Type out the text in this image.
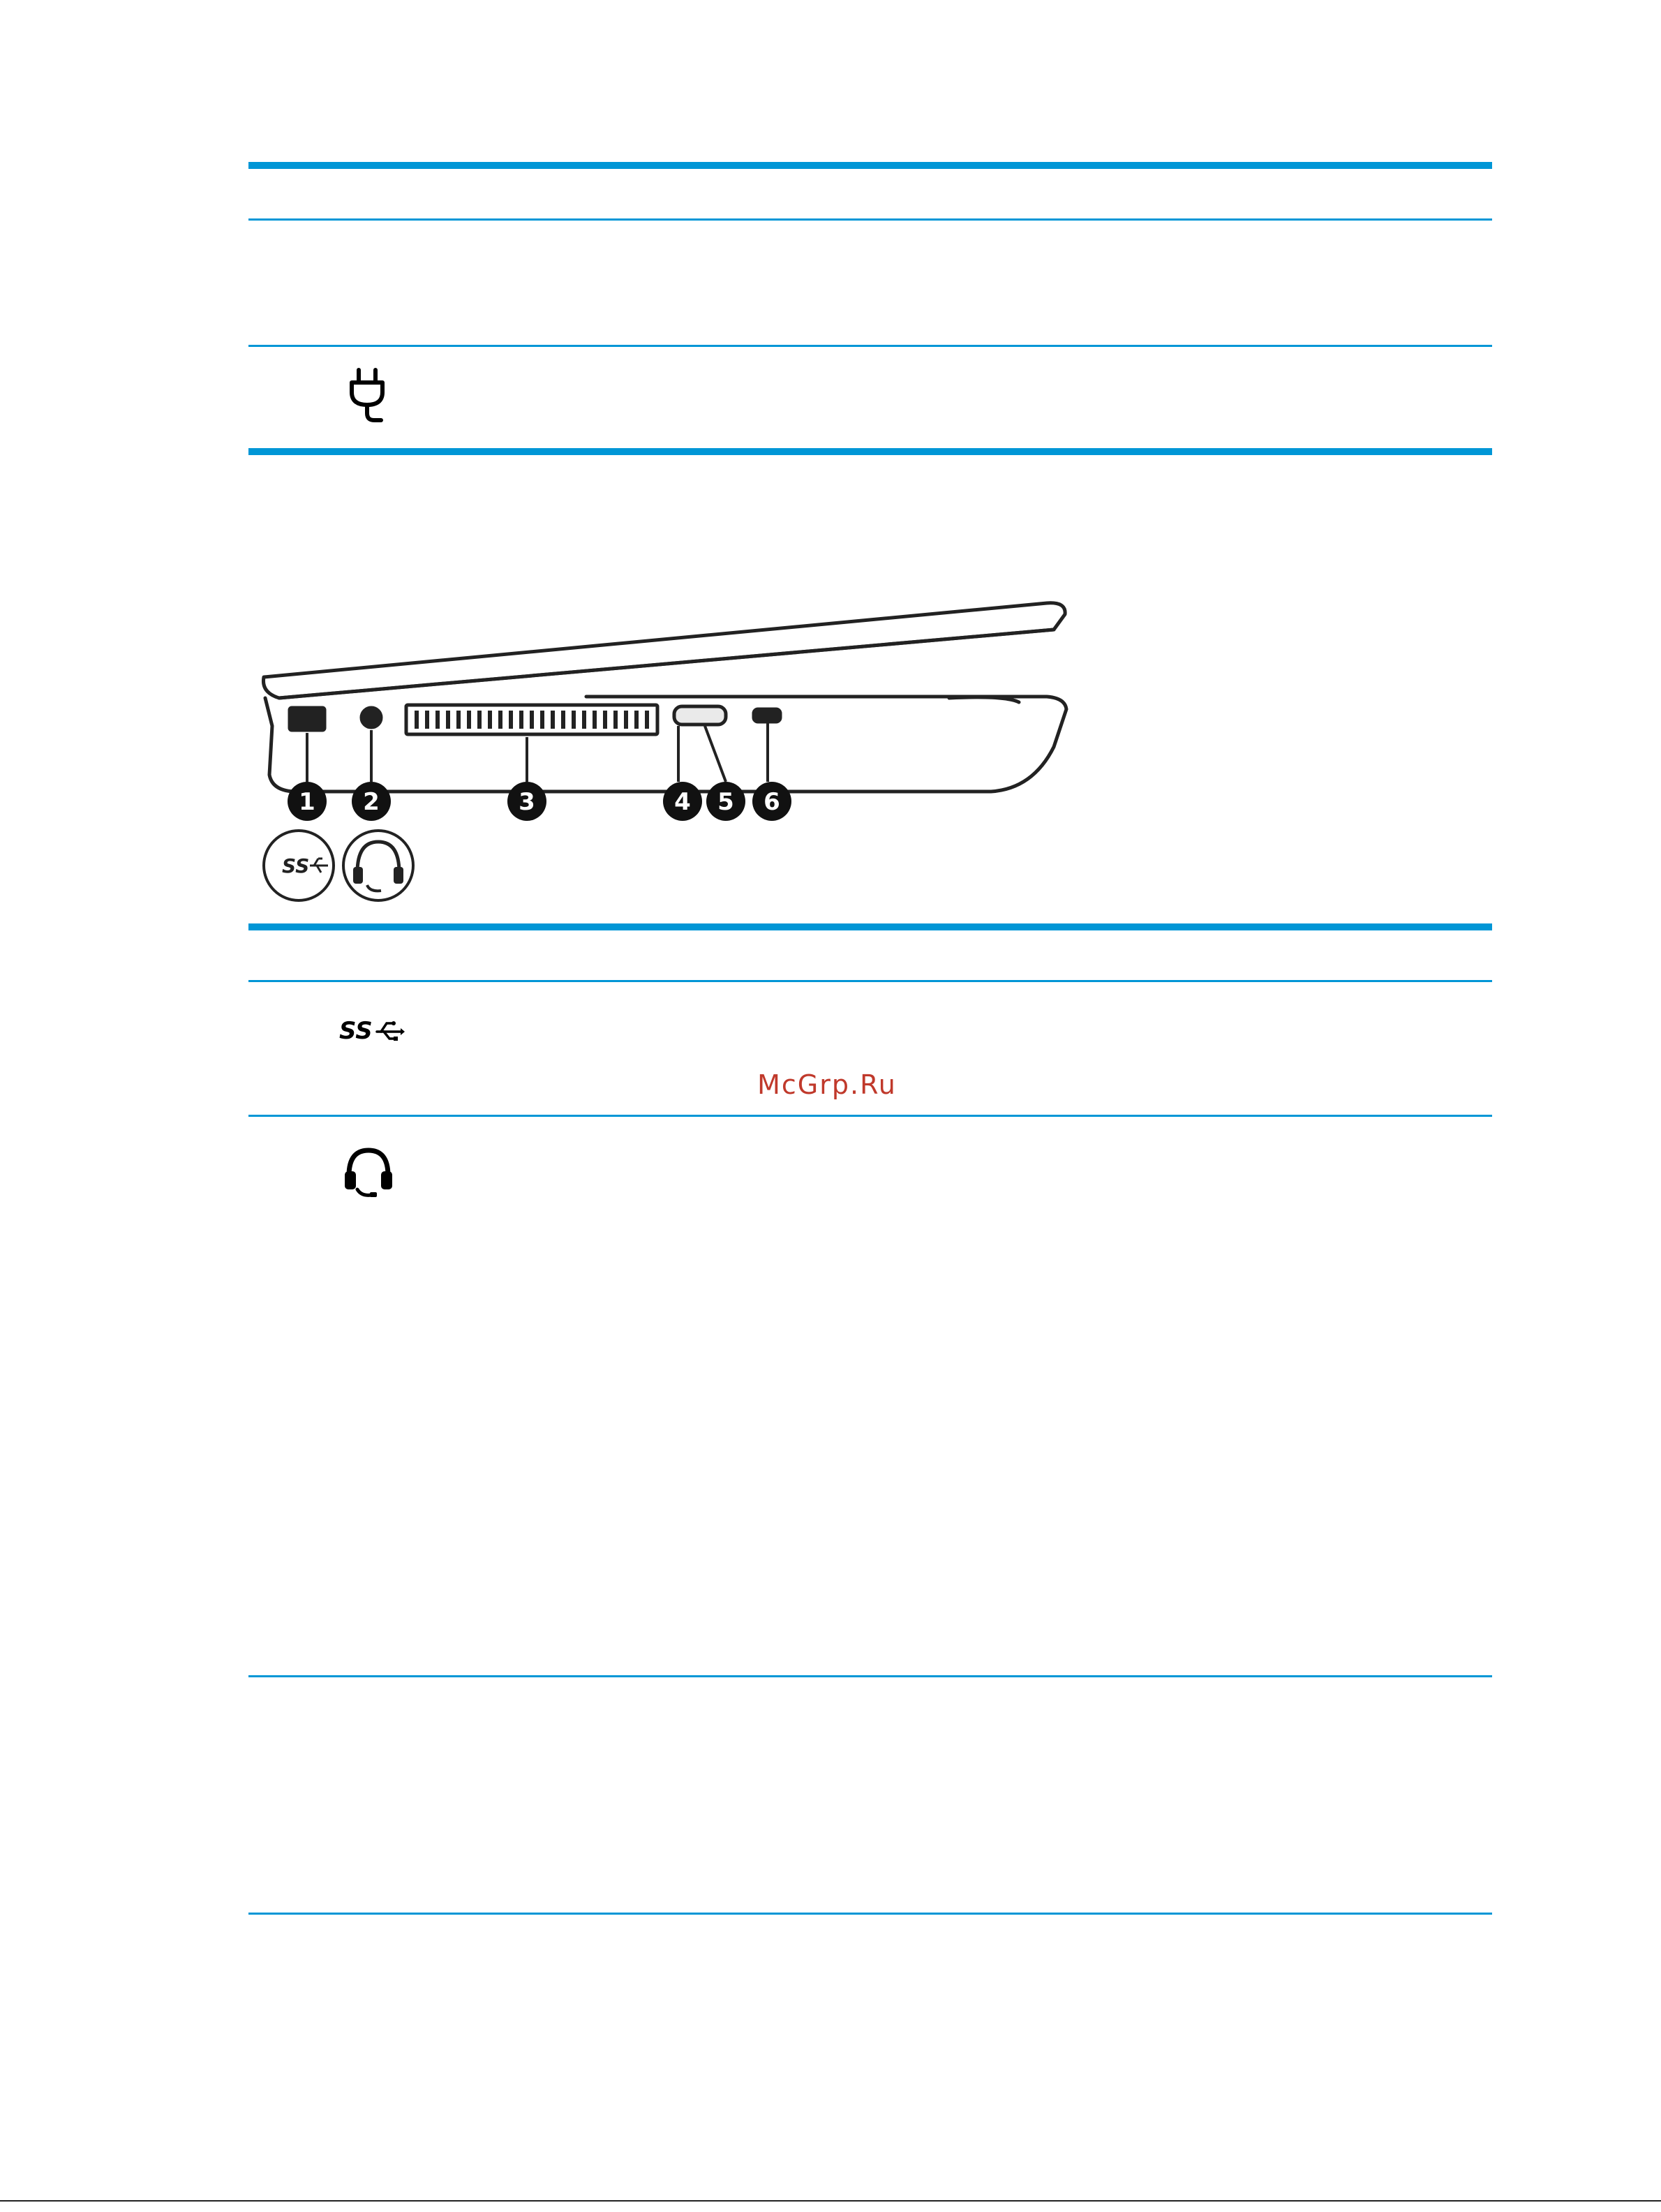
1 2	3	4 5 6
SS
SS
McGrp.Ru
